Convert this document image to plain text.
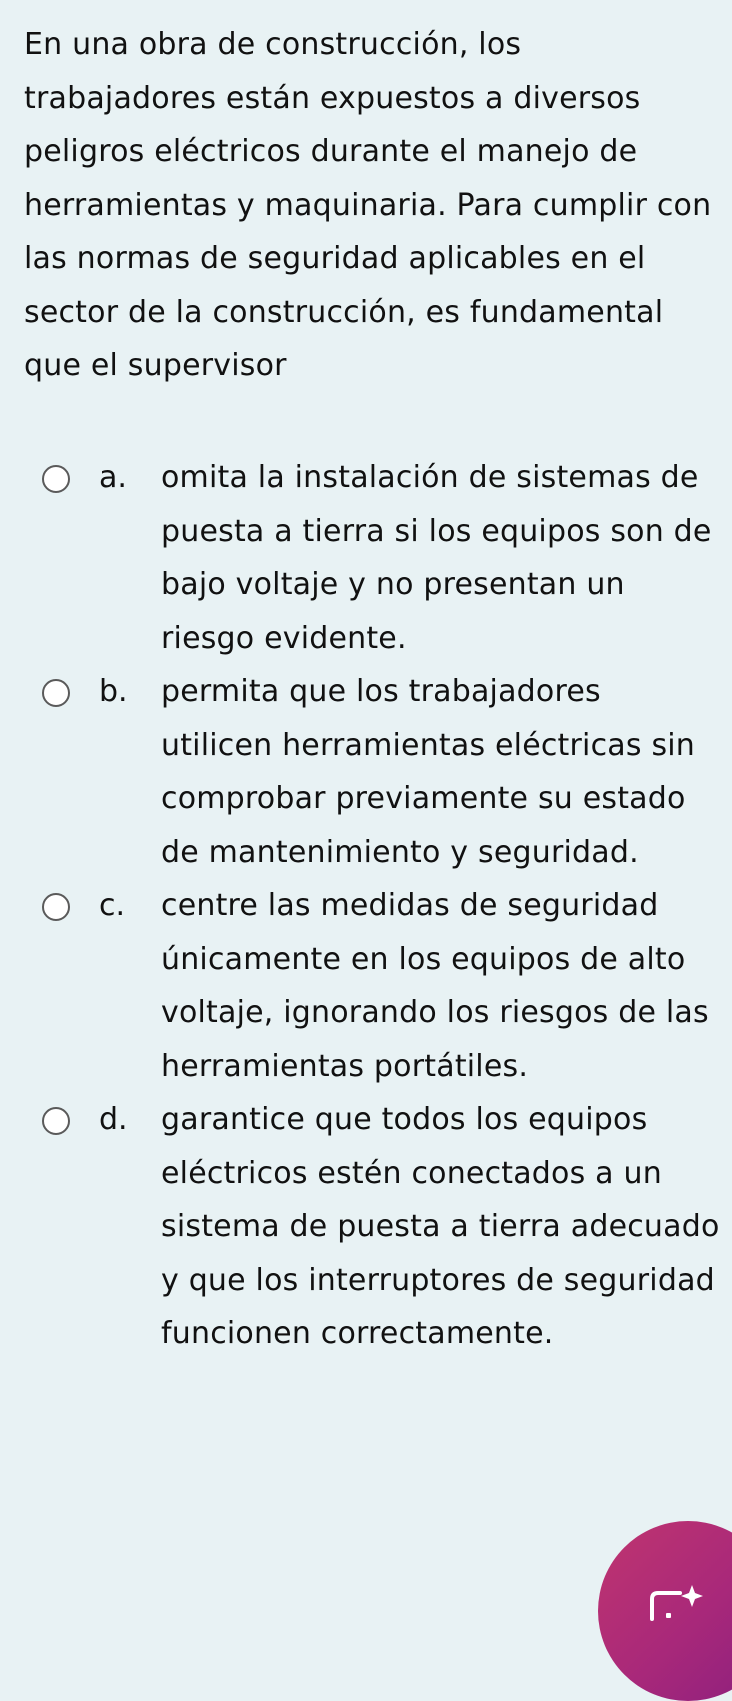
En una obra de construcción, los trabajadores están expuestos a diversos peligros eléctricos durante el manejo de herramientas y maquinaria. Para cumplir con las normas de seguridad aplicables en el sector de la construcción, es fundamental que el supervisor

a. omita la instalación de sistemas de puesta a tierra si los equipos son de bajo voltaje y no presentan un riesgo evidente.
b. permita que los trabajadores utilicen herramientas eléctricas sin comprobar previamente su estado de mantenimiento y seguridad.
c. centre las medidas de seguridad únicamente en los equipos de alto voltaje, ignorando los riesgos de las herramientas portátiles.
d. garantice que todos los equipos eléctricos estén conectados a un sistema de puesta a tierra adecuado y que los interruptores de seguridad funcionen correctamente.
